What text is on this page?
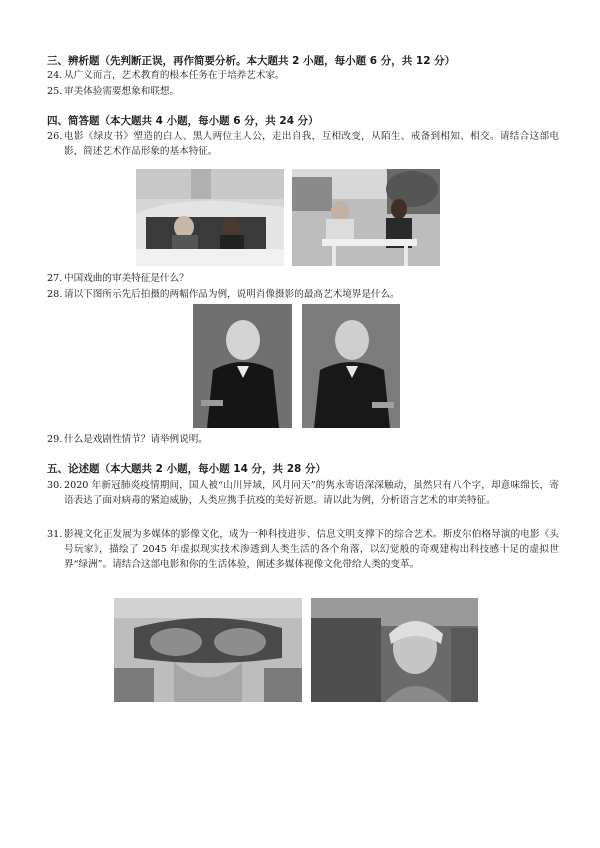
三、辨析题（先判断正误，再作简要分析。本大题共 2 小题，每小题 6 分，共 12 分）
24. 从广义而言，艺术教育的根本任务在于培养艺术家。
25. 审美体验需要想象和联想。
四、简答题（本大题共 4 小题，每小题 6 分，共 24 分）
26. 电影《绿皮书》塑造的白人、黑人两位主人公，走出自我，互相改变，从陌生、戒备到相知、相交。请结合这部电影，简述艺术作品形象的基本特征。
27. 中国戏曲的审美特征是什么？
28. 请以下图所示先后拍摄的两幅作品为例，说明肖像摄影的最高艺术境界是什么。
29. 什么是戏剧性情节？请举例说明。
五、论述题（本大题共 2 小题，每小题 14 分，共 28 分）
30. 2020 年新冠肺炎疫情期间，国人被“山川异域，风月同天”的隽永寄语深深触动，虽然只有八个字，却意味绵长，寄语表达了面对病毒的紧迫威胁，人类应携手抗疫的美好祈愿。请以此为例，分析语言艺术的审美特征。
31. 影视文化正发展为多媒体的影像文化，成为一种科技进步、信息文明支撑下的综合艺术。斯皮尔伯格导演的电影《头号玩家》，描绘了 2045 年虚拟现实技术渗透到人类生活的各个角落，以幻觉般的奇观建构出科技感十足的虚拟世界“绿洲”。请结合这部电影和你的生活体验，阐述多媒体视像文化带给人类的变革。
